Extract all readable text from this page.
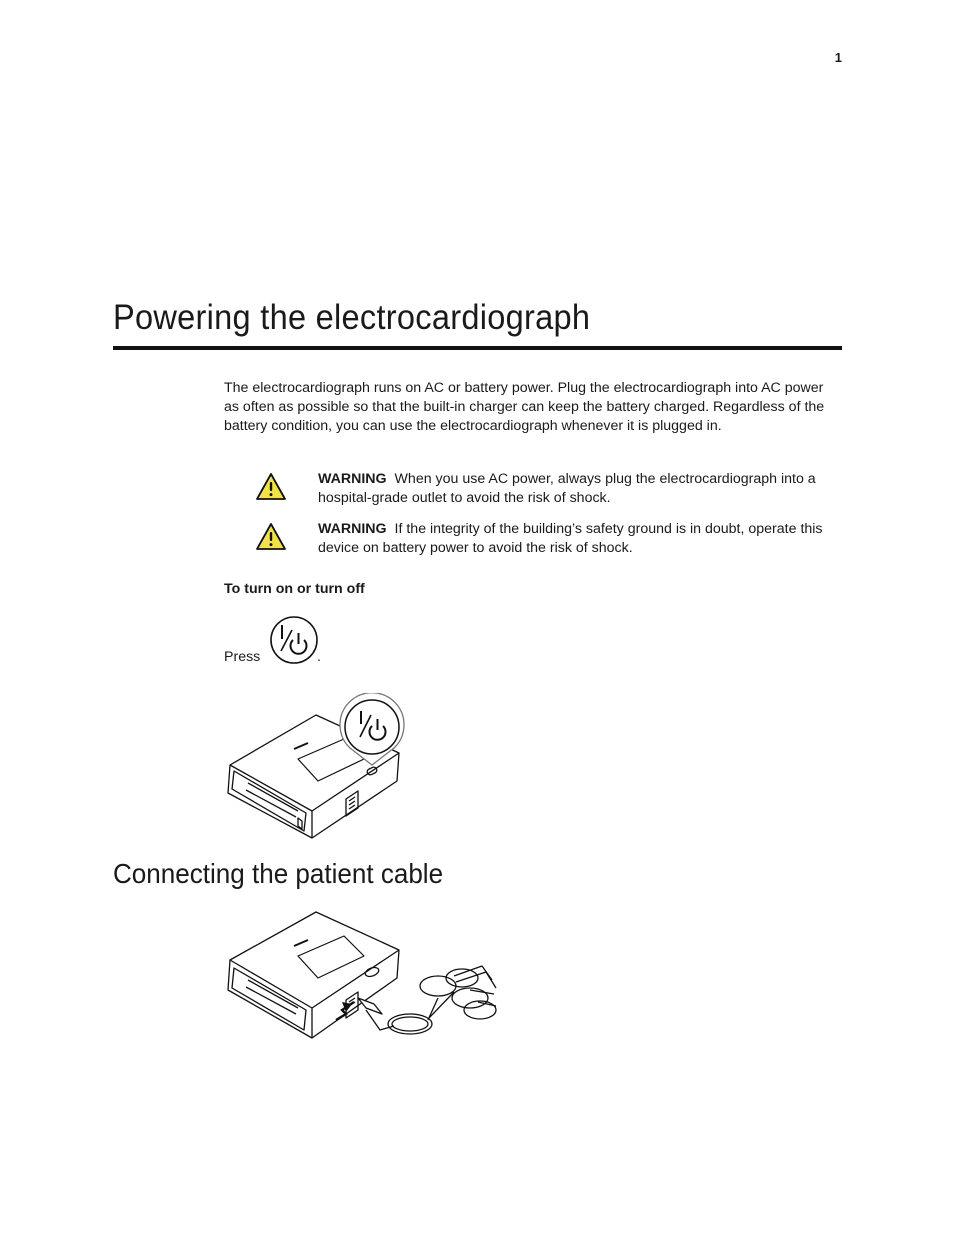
1
Powering the electrocardiograph

The electrocardiograph runs on AC or battery power. Plug the electrocardiograph into AC power as often as possible so that the built-in charger can keep the battery charged. Regardless of the battery condition, you can use the electrocardiograph whenever it is plugged in.

WARNING When you use AC power, always plug the electrocardiograph into a hospital-grade outlet to avoid the risk of shock.

WARNING If the integrity of the building’s safety ground is in doubt, operate this device on battery power to avoid the risk of shock.

To turn on or turn off
Press	.
Connecting the patient cable
